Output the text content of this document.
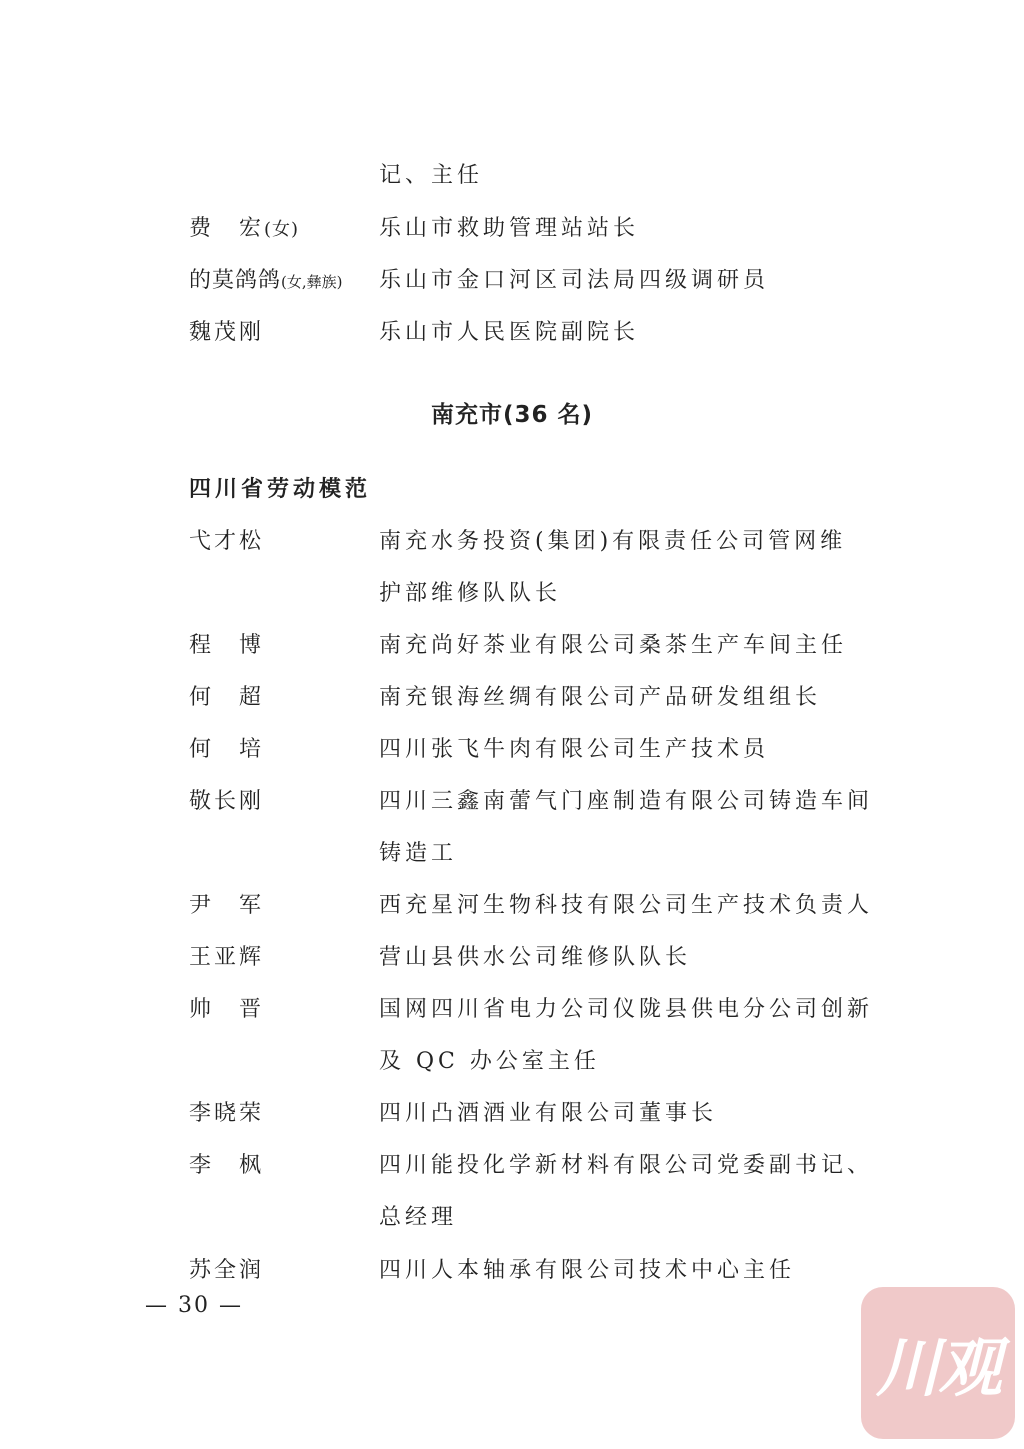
记、主任
费　宏(女)	乐山市救助管理站站长
的莫鸽鸽(女,彝族) 乐山市金口河区司法局四级调研员
魏茂刚	乐山市人民医院副院长
南充市(36 名)
四川省劳动模范
弋才松	南充水务投资(集团)有限责任公司管网维
护部维修队队长
程　博	南充尚好茶业有限公司桑茶生产车间主任
何　超	南充银海丝绸有限公司产品研发组组长
何　培	四川张飞牛肉有限公司生产技术员
敬长刚	四川三鑫南蕾气门座制造有限公司铸造车间
铸造工
尹　军	西充星河生物科技有限公司生产技术负责人
王亚辉	营山县供水公司维修队队长
帅　晋	国网四川省电力公司仪陇县供电分公司创新
及 QC 办公室主任
李晓荣	四川凸酒酒业有限公司董事长
李　枫	四川能投化学新材料有限公司党委副书记、
总经理
苏全润	四川人本轴承有限公司技术中心主任
— 30 —
川观
